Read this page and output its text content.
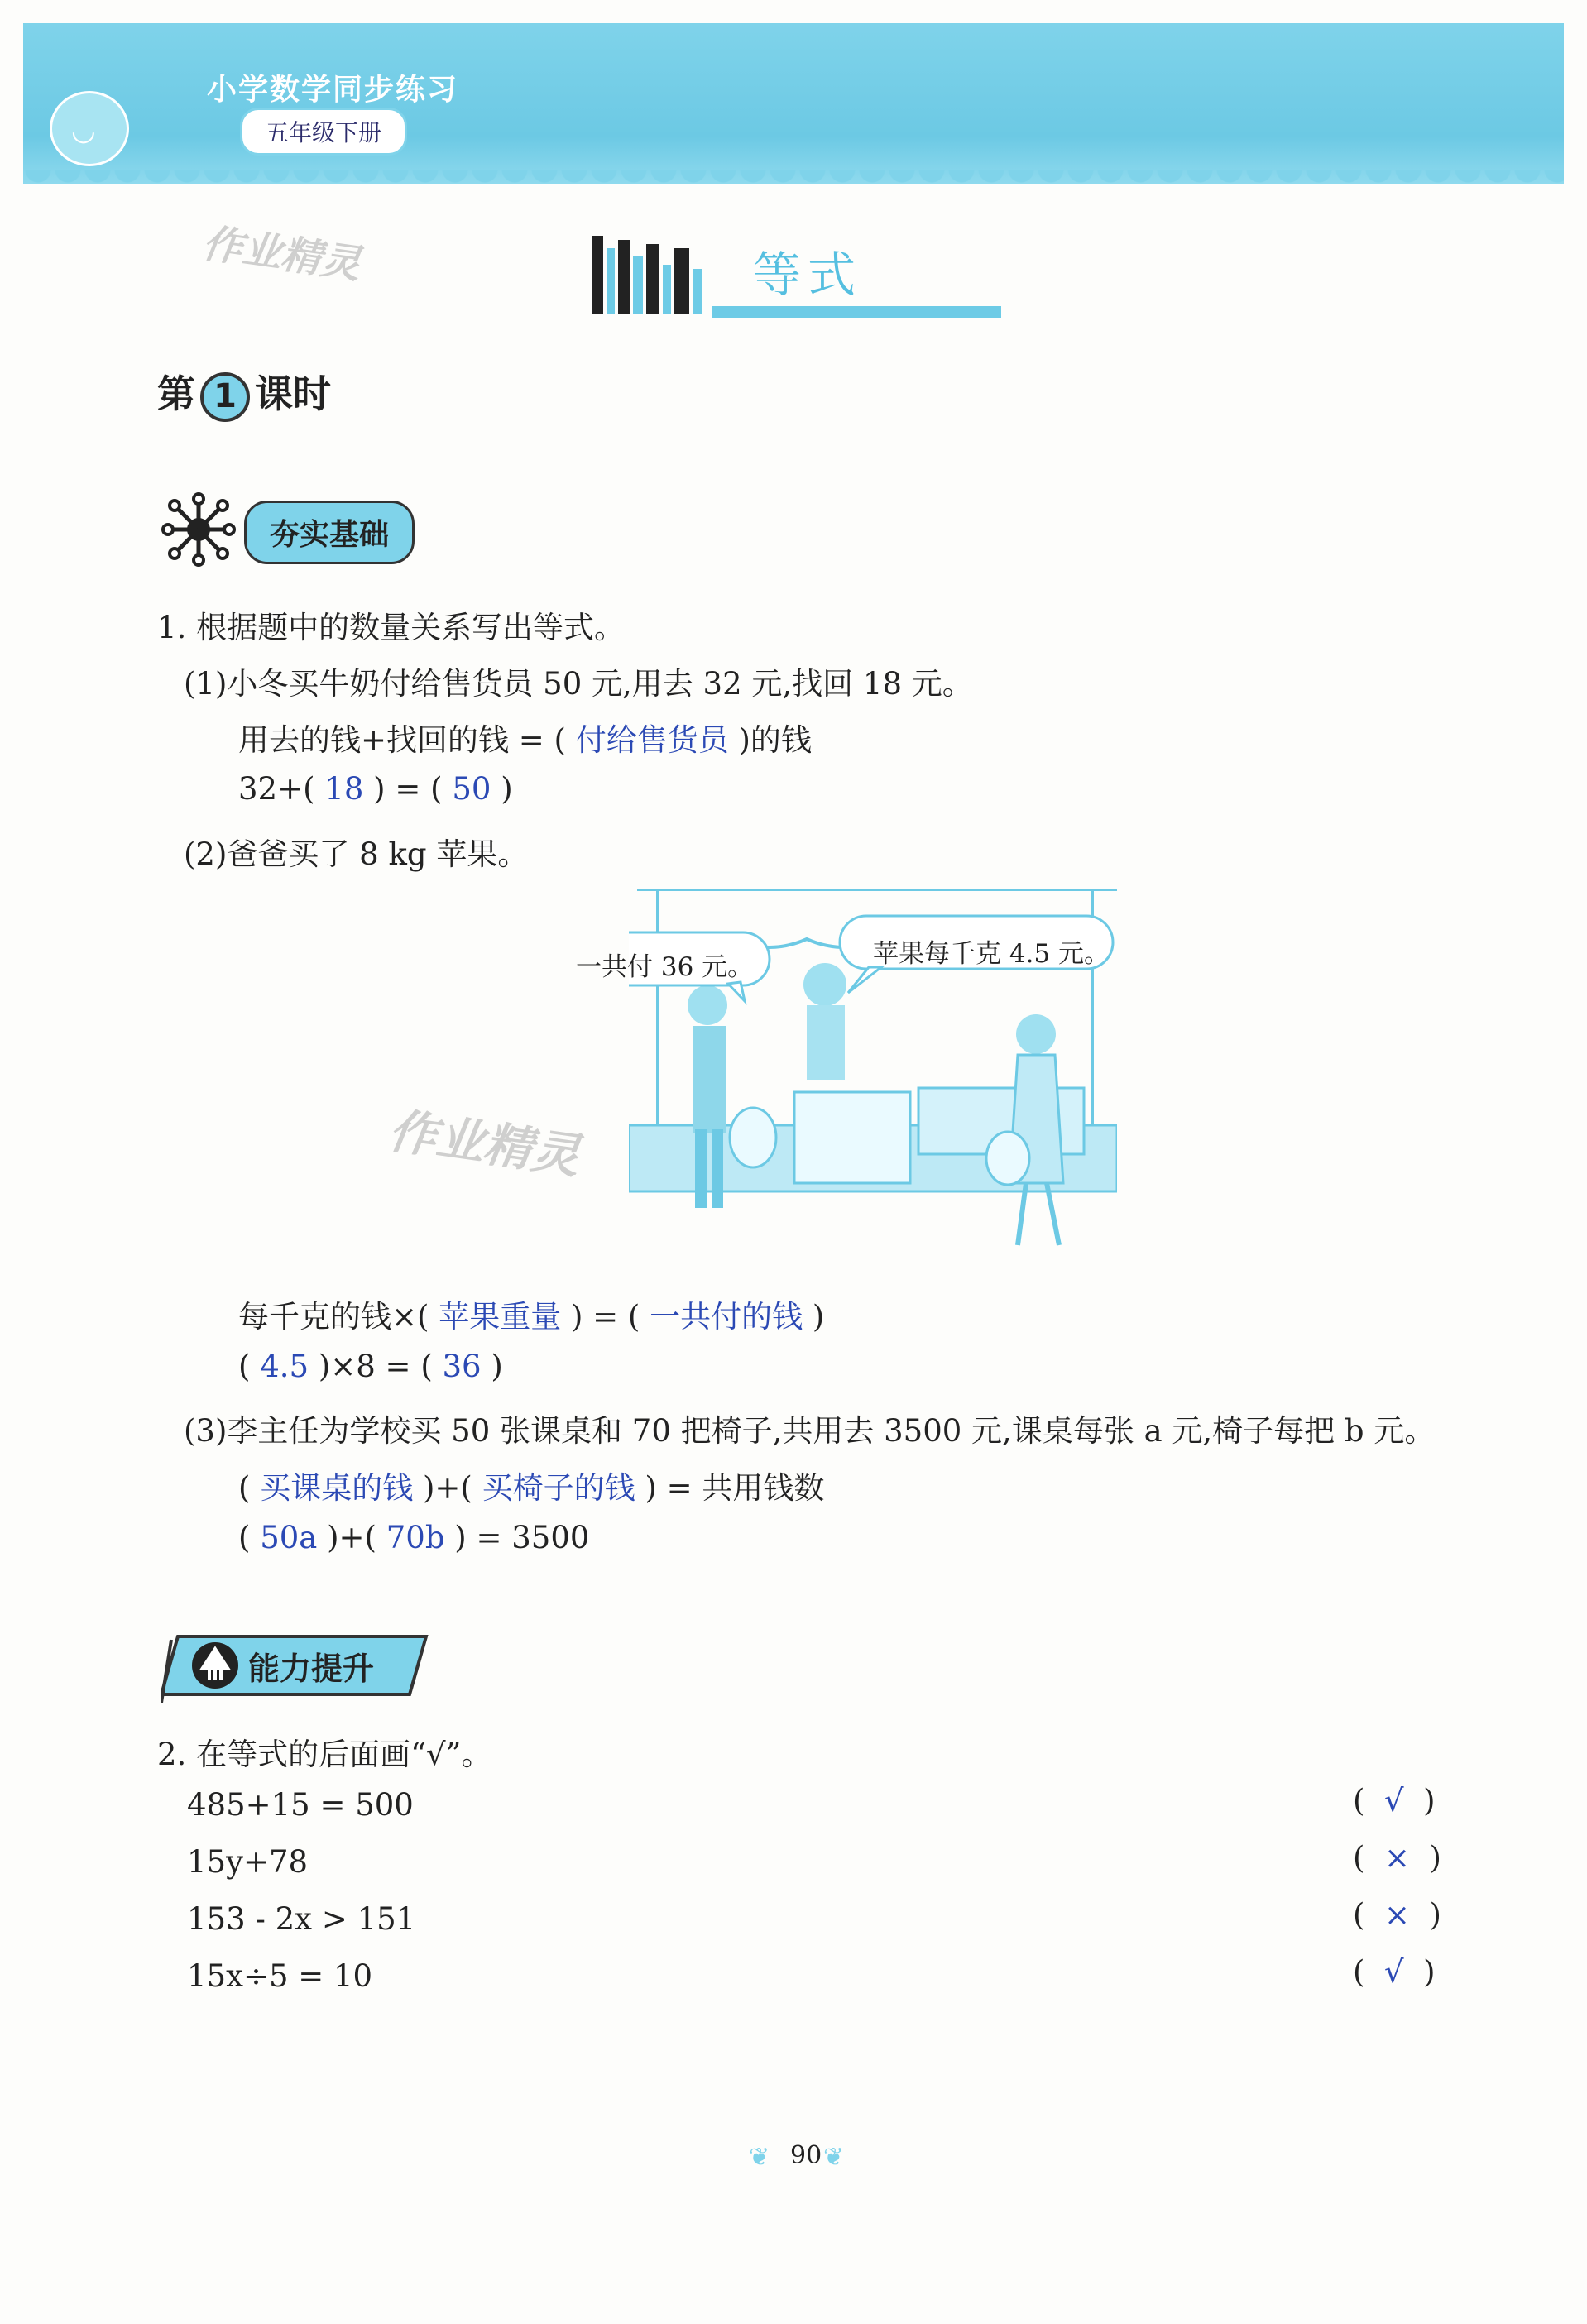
◡
小学数学同步练习
五年级下册
作业精灵
作业精灵
等式
第 1 课时
夯实基础
1. 根据题中的数量关系写出等式。
(1)小冬买牛奶付给售货员 50 元,用去 32 元,找回 18 元。
用去的钱+找回的钱 = ( 付给售货员 )的钱
32+( 18 ) = ( 50 )
(2)爸爸买了 8 kg 苹果。
一共付 36 元。	苹果每千克 4.5 元。
每千克的钱×( 苹果重量 ) = ( 一共付的钱 )
( 4.5 )×8 = ( 36 )
(3)李主任为学校买 50 张课桌和 70 把椅子,共用去 3500 元,课桌每张 a 元,椅子每把 b 元。
( 买课桌的钱 )+( 买椅子的钱 ) = 共用钱数
( 50a )+( 70b ) = 3500
能力提升
2. 在等式的后面画“√”。
485+15 = 500	(  √  )
15y+78	(  ×  )
153 - 2x > 151	(  ×  )
15x÷5 = 10	(  √  )
❦ 90 ❦
